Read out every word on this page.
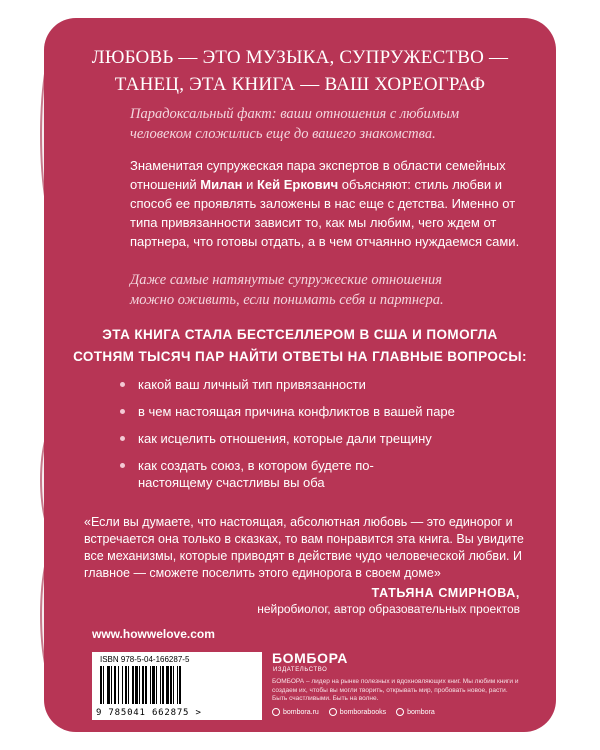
ЛЮБОВЬ — ЭТО МУЗЫКА, СУПРУЖЕСТВО —
ТАНЕЦ, ЭТА КНИГА — ВАШ ХОРЕОГРАФ
Парадоксальный факт: ваши отношения с любимым
человеком сложились еще до вашего знакомства.
Знаменитая супружеская пара экспертов в области семейных отношений Милан и Кей Еркович объясняют: стиль любви и способ ее проявлять заложены в нас еще с детства. Именно от типа привязанности зависит то, как мы любим, чего ждем от партнера, что готовы отдать, а в чем отчаянно нуждаемся сами.
Даже самые натянутые супружеские отношения
можно оживить, если понимать себя и партнера.
ЭТА КНИГА СТАЛА БЕСТСЕЛЛЕРОМ В США И ПОМОГЛА
СОТНЯМ ТЫСЯЧ ПАР НАЙТИ ОТВЕТЫ НА ГЛАВНЫЕ ВОПРОСЫ:
какой ваш личный тип привязанности
в чем настоящая причина конфликтов в вашей паре
как исцелить отношения, которые дали трещину
как создать союз, в котором будете по-настоящему счастливы вы оба
«Если вы думаете, что настоящая, абсолютная любовь — это единорог и встречается она только в сказках, то вам понравится эта книга. Вы увидите все механизмы, которые приводят в действие чудо человеческой любви. И главное — сможете поселить этого единорога в своем доме»
ТАТЬЯНА СМИРНОВА,
нейробиолог, автор образовательных проектов
www.howwelove.com
ISBN 978-5-04-166287-5
9 785041 662875 >
БОМБОРА
ИЗДАТЕЛЬСТВО
БОМБОРА – лидер на рынке полезных и вдохновляющих книг. Мы любим книги и создаем их, чтобы вы могли творить, открывать мир, пробовать новое, расти. Быть счастливыми. Быть на волне.
bombora.ru	bomborabooks	bombora
